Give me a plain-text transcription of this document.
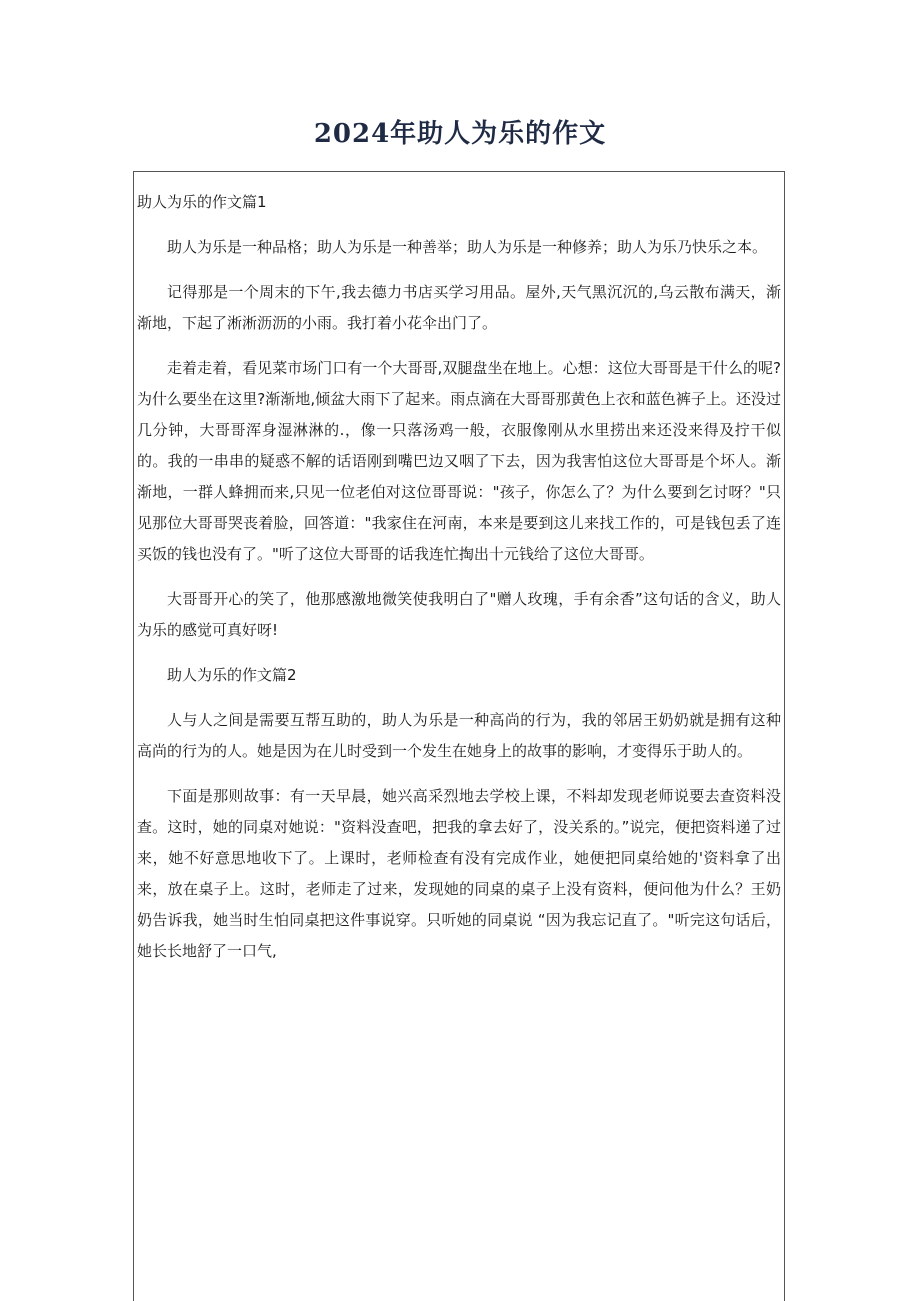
2024年助人为乐的作文

助人为乐的作文篇1

助人为乐是一种品格；助人为乐是一种善举；助人为乐是一种修养；助人为乐乃快乐之本。

记得那是一个周末的下午,我去德力书店买学习用品。屋外,天气黑沉沉的,乌云散布满天，渐渐地，下起了淅淅沥沥的小雨。我打着小花伞出门了。

走着走着，看见菜市场门口有一个大哥哥,双腿盘坐在地上。心想：这位大哥哥是干什么的呢?为什么要坐在这里?渐渐地,倾盆大雨下了起来。雨点滴在大哥哥那黄色上衣和蓝色裤子上。还没过几分钟，大哥哥浑身湿淋淋的.，像一只落汤鸡一般，衣服像刚从水里捞出来还没来得及拧干似的。我的一串串的疑惑不解的话语刚到嘴巴边又咽了下去，因为我害怕这位大哥哥是个坏人。渐渐地，一群人蜂拥而来,只见一位老伯对这位哥哥说："孩子，你怎么了？为什么要到乞讨呀？"只见那位大哥哥哭丧着脸，回答道："我家住在河南，本来是要到这儿来找工作的，可是钱包丢了连买饭的钱也没有了。"听了这位大哥哥的话我连忙掏出十元钱给了这位大哥哥。

大哥哥开心的笑了，他那感激地微笑使我明白了"赠人玫瑰，手有余香”这句话的含义，助人为乐的感觉可真好呀!

助人为乐的作文篇2

人与人之间是需要互帮互助的，助人为乐是一种高尚的行为，我的邻居王奶奶就是拥有这种高尚的行为的人。她是因为在儿时受到一个发生在她身上的故事的影响，才变得乐于助人的。

下面是那则故事：有一天早晨，她兴高采烈地去学校上课，不料却发现老师说要去查资料没查。这时，她的同桌对她说："资料没查吧，把我的拿去好了，没关系的。”说完，便把资料递了过来，她不好意思地收下了。上课时，老师检查有没有完成作业，她便把同桌给她的'资料拿了出来，放在桌子上。这时，老师走了过来，发现她的同桌的桌子上没有资料，便问他为什么？王奶奶告诉我，她当时生怕同桌把这件事说穿。只听她的同桌说 “因为我忘记直了。"听完这句话后，她长长地舒了一口气,
